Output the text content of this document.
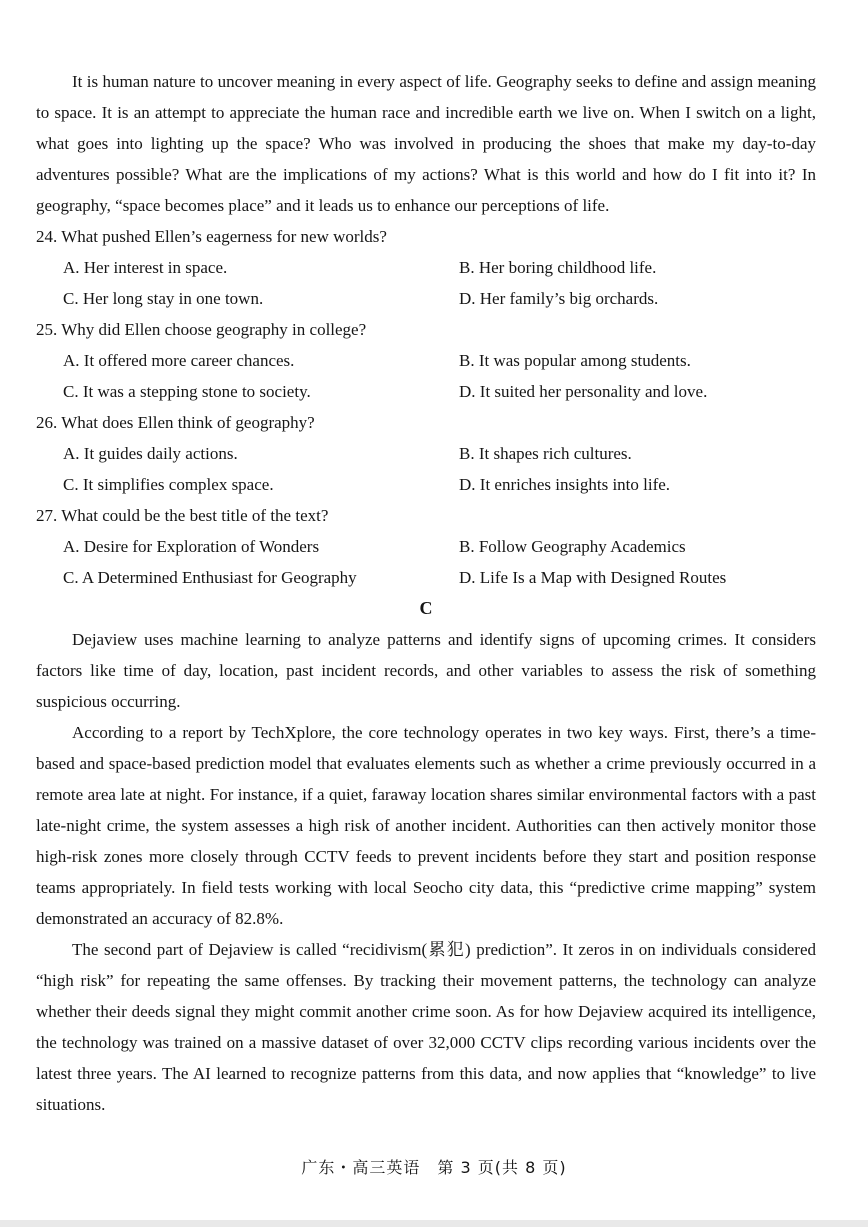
It is human nature to uncover meaning in every aspect of life. Geography seeks to define and assign meaning to space. It is an attempt to appreciate the human race and incredible earth we live on. When I switch on a light, what goes into lighting up the space? Who was involved in producing the shoes that make my day-to-day adventures possible? What are the implications of my actions? What is this world and how do I fit into it? In geography, “space becomes place” and it leads us to enhance our perceptions of life.

24. What pushed Ellen’s eagerness for new worlds?

A. Her interest in space.	B. Her boring childhood life.
C. Her long stay in one town.	D. Her family’s big orchards.

25. Why did Ellen choose geography in college?

A. It offered more career chances.	B. It was popular among students.
C. It was a stepping stone to society.	D. It suited her personality and love.

26. What does Ellen think of geography?

A. It guides daily actions.	B. It shapes rich cultures.
C. It simplifies complex space.	D. It enriches insights into life.

27. What could be the best title of the text?

A. Desire for Exploration of Wonders	B. Follow Geography Academics
C. A Determined Enthusiast for Geography	D. Life Is a Map with Designed Routes

C

Dejaview uses machine learning to analyze patterns and identify signs of upcoming crimes. It considers factors like time of day, location, past incident records, and other variables to assess the risk of something suspicious occurring.

According to a report by TechXplore, the core technology operates in two key ways. First, there’s a time-based and space-based prediction model that evaluates elements such as whether a crime previously occurred in a remote area late at night. For instance, if a quiet, faraway location shares similar environmental factors with a past late-night crime, the system assesses a high risk of another incident. Authorities can then actively monitor those high-risk zones more closely through CCTV feeds to prevent incidents before they start and position response teams appropriately. In field tests working with local Seocho city data, this “predictive crime mapping” system demonstrated an accuracy of 82.8%.

The second part of Dejaview is called “recidivism(累犯) prediction”. It zeros in on individuals considered “high risk” for repeating the same offenses. By tracking their movement patterns, the technology can analyze whether their deeds signal they might commit another crime soon. As for how Dejaview acquired its intelligence, the technology was trained on a massive dataset of over 32,000 CCTV clips recording various incidents over the latest three years. The AI learned to recognize patterns from this data, and now applies that “knowledge” to live situations.

广东・高三英语　第 3 页(共 8 页)
